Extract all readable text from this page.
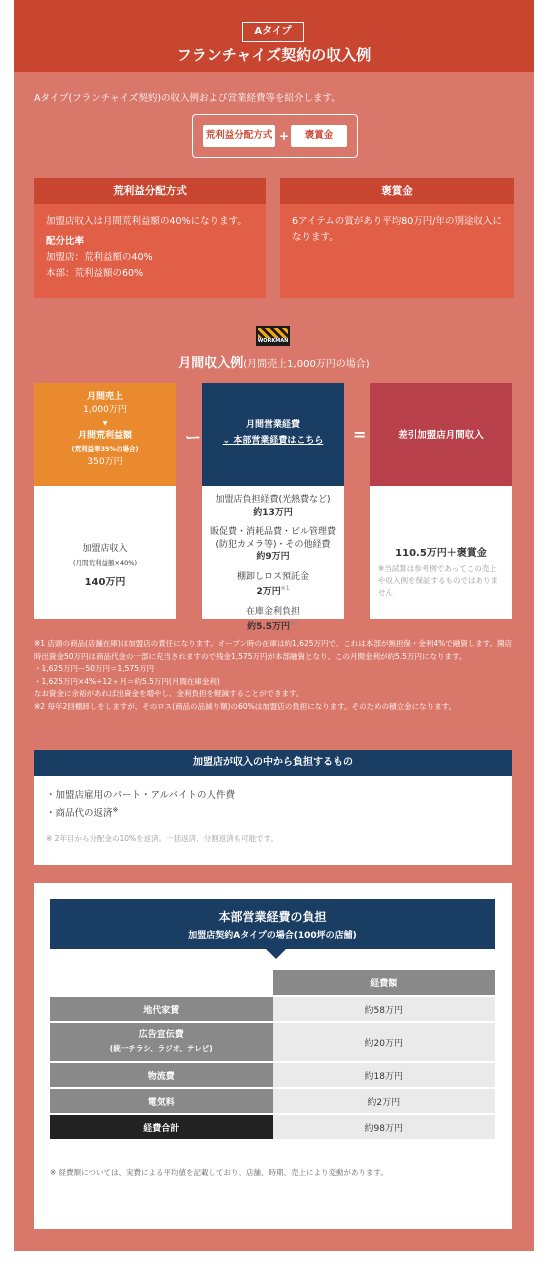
Aタイプ
フランチャイズ契約の収入例
Aタイプ(フランチャイズ契約)の収入例および営業経費等を紹介します。
荒利益分配方式 +	褒賞金
荒利益分配方式
加盟店収入は月間荒利益額の40%になります。
配分比率
加盟店：荒利益額の40%
本部：荒利益額の60%
褒賞金
6アイテムの賞があり平均80万円/年の別途収入になります。
WORKMAN
月間収入例(月間売上1,000万円の場合)
月間売上
1,000万円
▼
月間荒利益額
(荒利益率35%の場合)
350万円
加盟店収入
(月間荒利益額×40%)
140万円
ー
月間営業経費
⌄ 本部営業経費はこちら
加盟店負担経費(光熱費など)
約13万円
販促費・消耗品費・ビル管理費(防犯カメラ等)・その他経費
約9万円
棚卸しロス預託金
2万円$^{※1}$
在庫金利負担
約5.5万円$^{※2}$
=	差引加盟店月間収入
110.5万円＋褒賞金
※当試算は参考例であってこの売上や収入例を保証するものではありません
※1 店頭の商品(店舗在庫)は加盟店の責任になります。オープン時の在庫は約1,625万円で、これは本部が無担保・金利4%で融資します。開店時出資金50万円は商品代金の一部に充当されますので残金1,575万円が本部融資となり、この月間金利が約5.5万円になります。
・1,625万円ー50万円＝1,575万円
・1,625万円×4%÷12ヶ月＝約5.5万円(月間在庫金利)
なお資金に余裕があれば出資金を増やし、金利負担を軽減することができます。
※2 毎年2回棚卸しをしますが、そのロス(商品の品減り額)の60%は加盟店の負担になります。そのための積立金になります。
加盟店が収入の中から負担するもの
・加盟店雇用のパート・アルバイトの人件費
・商品代の返済※
※ 2年目から分配金の10%を返済。一括返済、分割返済も可能です。
本部営業経費の負担
加盟店契約Aタイプの場合(100坪の店舗)
	経費額
地代家賃	約58万円

広告宣伝費
(統一チラシ、ラジオ、テレビ)	約20万円
物流費	約18万円
電気料	約2万円
経費合計	約98万円
※ 経費額については、実費による平均値を記載しており、店舗、時期、売上により変動があります。
